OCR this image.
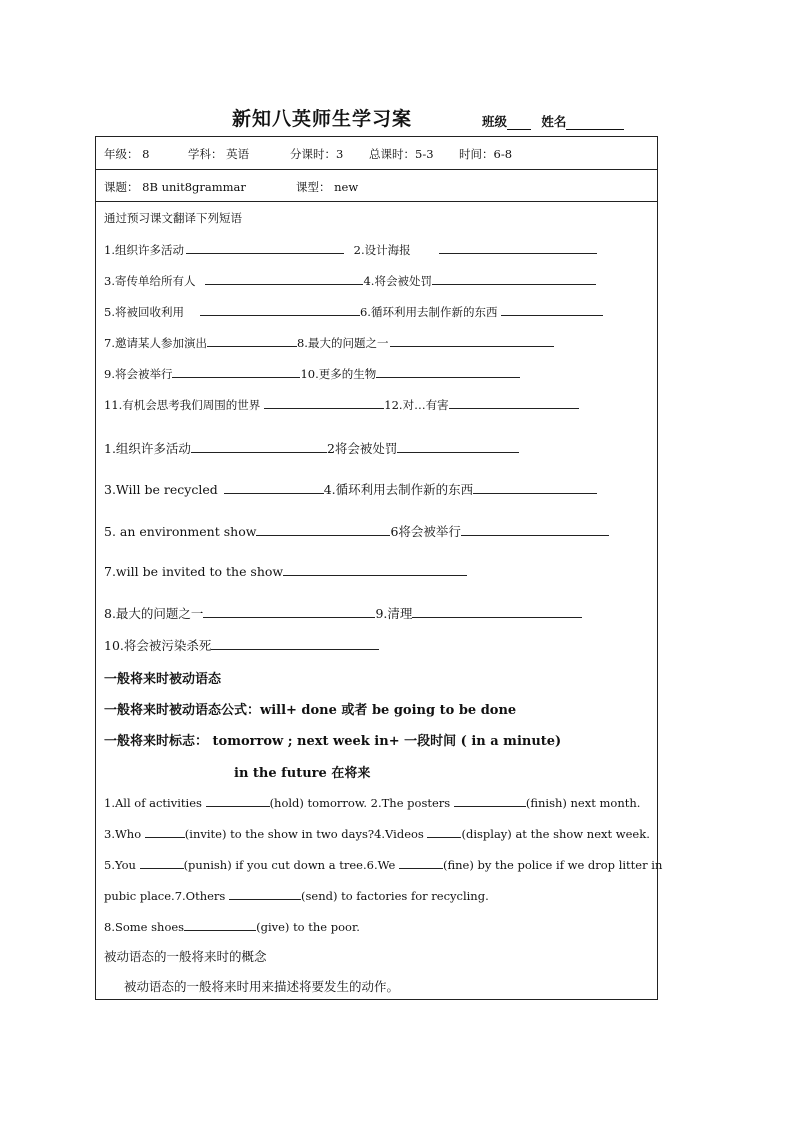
新知八英师生学习案	班级	姓名
年级： 8	学科： 英语	分课时：3 总课时：5-3 时间：6-8
课题： 8B unit8grammar	课型： new
通过预习课文翻译下列短语
1.组织许多活动	2.设计海报
3.寄传单给所有人	4.将会被处罚
5.将被回收利用	6.循环利用去制作新的东西
7.邀请某人参加演出	8.最大的问题之一
9.将会被举行	10.更多的生物
11.有机会思考我们周围的世界	12.对…有害
1.组织许多活动	2将会被处罚
3.Will be recycled	4.循环利用去制作新的东西
5. an environment show	6将会被举行
7.will be invited to the show
8.最大的问题之一	9.清理
10.将会被污染杀死
一般将来时被动语态
一般将来时被动语态公式：will+ done 或者 be going to be done
一般将来时标志： tomorrow ; next week in+ 一段时间 ( in a minute)
in the future 在将来
1.All of activities	(hold) tomorrow. 2.The posters	(finish) next month.
3.Who	(invite) to the show in two days?4.Videos	(display) at the show next week.
5.You	(punish) if you cut down a tree.6.We	(fine) by the police if we drop litter in
pubic place.7.Others	(send) to factories for recycling.
8.Some shoes	(give) to the poor.
被动语态的一般将来时的概念
被动语态的一般将来时用来描述将要发生的动作。
